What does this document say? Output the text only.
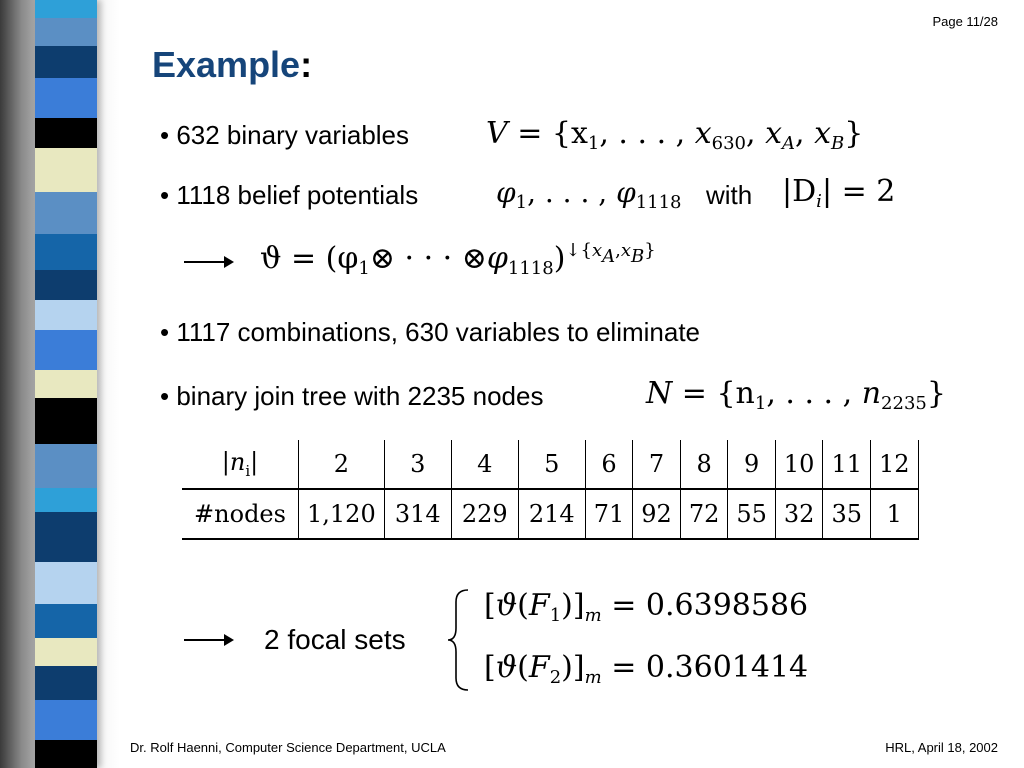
Page 11/28
Example:
• 632 binary variables	$V = \{x_1$, . . . , $x_{630}$, $x_A$, $x_B$}
• 1118 belief potentials	$\varphi_1$, . . . , $\varphi_{1118}$ with $|D_i| = 2$
$ϑ = (\varphi_1\otimes$ · · · $\otimes\varphi_{1118})^{↓\{x_A,x_B\}}$
• 1117 combinations, 630 variables to eliminate
• binary join tree with 2235 nodes	$N = \{n_1$, . . . , $n_{2235}$}
$|n_i|$	2	3	4	5	6	7	8	9	10	11	12
#nodes	1,120	314	229	214	71	92	72	55	32	35	1
2 focal sets
$[ϑ(F_1)]_m = 0.6398586$
$[ϑ(F_2)]_m = 0.3601414$
Dr. Rolf Haenni, Computer Science Department, UCLA	HRL, April 18, 2002
